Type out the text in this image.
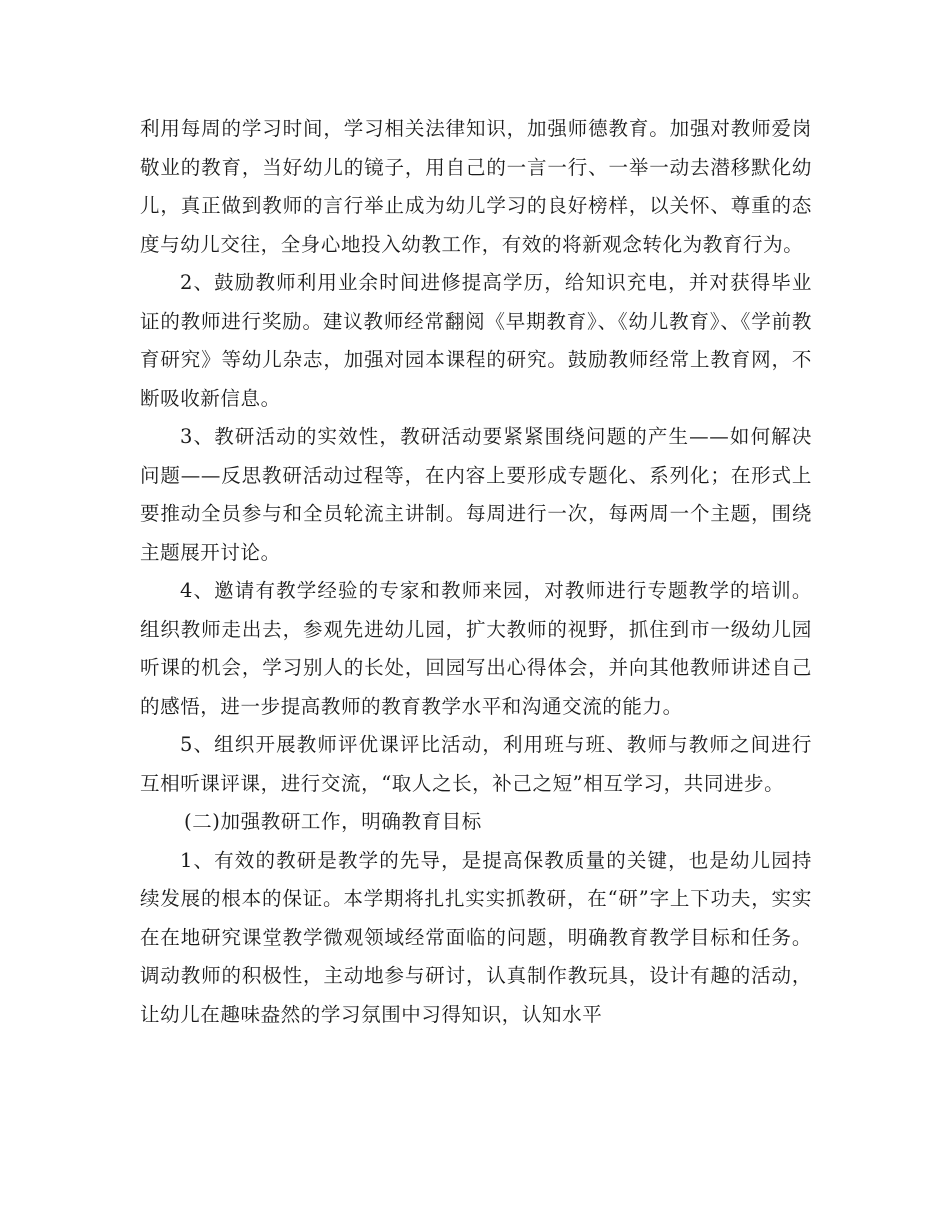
利用每周的学习时间，学习相关法律知识，加强师德教育。加强对教师爱岗敬业的教育，当好幼儿的镜子，用自己的一言一行、一举一动去潜移默化幼儿，真正做到教师的言行举止成为幼儿学习的良好榜样，以关怀、尊重的态度与幼儿交往，全身心地投入幼教工作，有效的将新观念转化为教育行为。

2、鼓励教师利用业余时间进修提高学历，给知识充电，并对获得毕业证的教师进行奖励。建议教师经常翻阅《早期教育》、《幼儿教育》、《学前教育研究》等幼儿杂志，加强对园本课程的研究。鼓励教师经常上教育网，不断吸收新信息。

3、教研活动的实效性，教研活动要紧紧围绕问题的产生——如何解决问题——反思教研活动过程等，在内容上要形成专题化、系列化；在形式上要推动全员参与和全员轮流主讲制。每周进行一次，每两周一个主题，围绕主题展开讨论。

4、邀请有教学经验的专家和教师来园，对教师进行专题教学的培训。组织教师走出去，参观先进幼儿园，扩大教师的视野，抓住到市一级幼儿园听课的机会，学习别人的长处，回园写出心得体会，并向其他教师讲述自己的感悟，进一步提高教师的教育教学水平和沟通交流的能力。

5、组织开展教师评优课评比活动，利用班与班、教师与教师之间进行互相听课评课，进行交流，“取人之长，补己之短”相互学习，共同进步。

(二)加强教研工作，明确教育目标

1、有效的教研是教学的先导，是提高保教质量的关键，也是幼儿园持续发展的根本的保证。本学期将扎扎实实抓教研，在“研”字上下功夫，实实在在地研究课堂教学微观领域经常面临的问题，明确教育教学目标和任务。调动教师的积极性，主动地参与研讨，认真制作教玩具，设计有趣的活动，让幼儿在趣味盎然的学习氛围中习得知识，认知水平
